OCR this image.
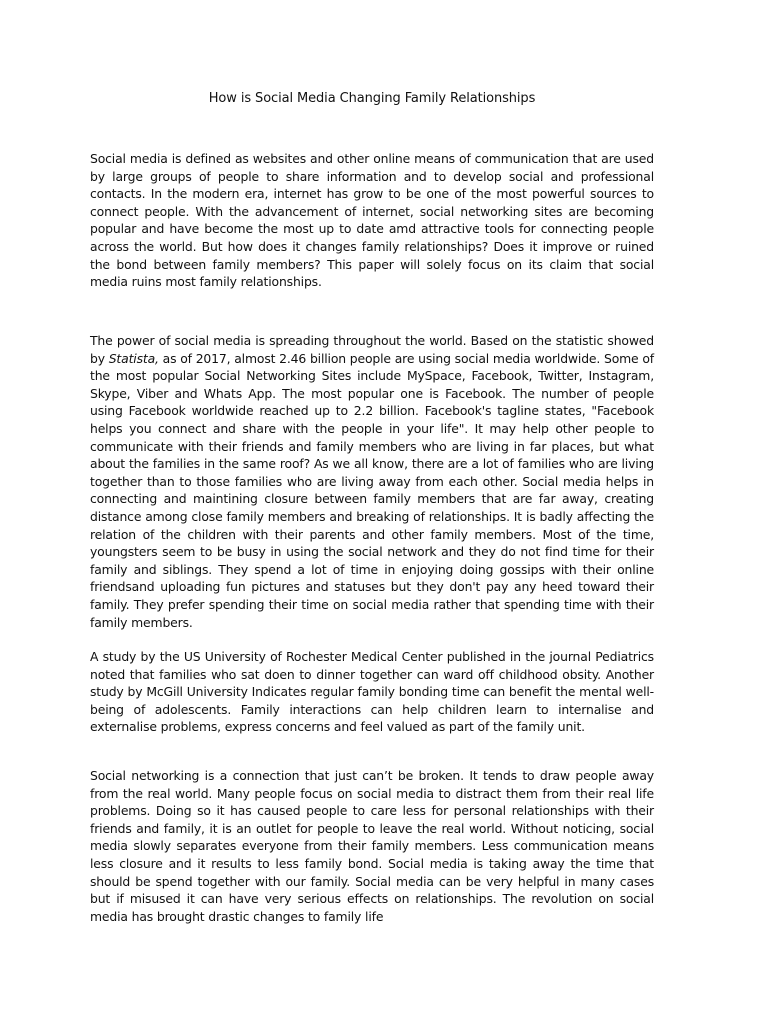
How is Social Media Changing Family Relationships

Social media is defined as websites and other online means of communication that are used by large groups of people to share information and to develop social and professional contacts. In the modern era, internet has grow to be one of the most powerful sources to connect people. With the advancement of internet, social networking sites are becoming popular and have become the most up to date amd attractive tools for connecting people across the world. But how does it changes family relationships? Does it improve or ruined the bond between family members? This paper will solely focus on its claim that social media ruins most family relationships.

The power of social media is spreading throughout the world. Based on the statistic showed by Statista, as of 2017, almost 2.46 billion people are using social media worldwide. Some of the most popular Social Networking Sites include MySpace, Facebook, Twitter, Instagram, Skype, Viber and Whats App. The most popular one is Facebook. The number of people using Facebook worldwide reached up to 2.2 billion. Facebook's tagline states, "Facebook helps you connect and share with the people in your life". It may help other people to communicate with their friends and family members who are living in far places, but what about the families in the same roof? As we all know, there are a lot of families who are living together than to those families who are living away from each other. Social media helps in connecting and maintining closure between family members that are far away, creating distance among close family members and breaking of relationships. It is badly affecting the relation of the children with their parents and other family members. Most of the time, youngsters seem to be busy in using the social network and they do not find time for their family and siblings. They spend a lot of time in enjoying doing gossips with their online friendsand uploading fun pictures and statuses but they don't pay any heed toward their family. They prefer spending their time on social media rather that spending time with their family members.

A study by the US University of Rochester Medical Center published in the journal Pediatrics noted that families who sat doen to dinner together can ward off childhood obsity. Another study by McGill University Indicates regular family bonding time can benefit the mental well-being of adolescents. Family interactions can help children learn to internalise and externalise problems, express concerns and feel valued as part of the family unit.

Social networking is a connection that just can’t be broken. It tends to draw people away from the real world. Many people focus on social media to distract them from their real life problems. Doing so it has caused people to care less for personal relationships with their friends and family, it is an outlet for people to leave the real world. Without noticing, social media slowly separates everyone from their family members. Less communication means less closure and it results to less family bond. Social media is taking away the time that should be spend together with our family. Social media can be very helpful in many cases but if misused it can have very serious effects on relationships. The revolution on social media has brought drastic changes to family life
